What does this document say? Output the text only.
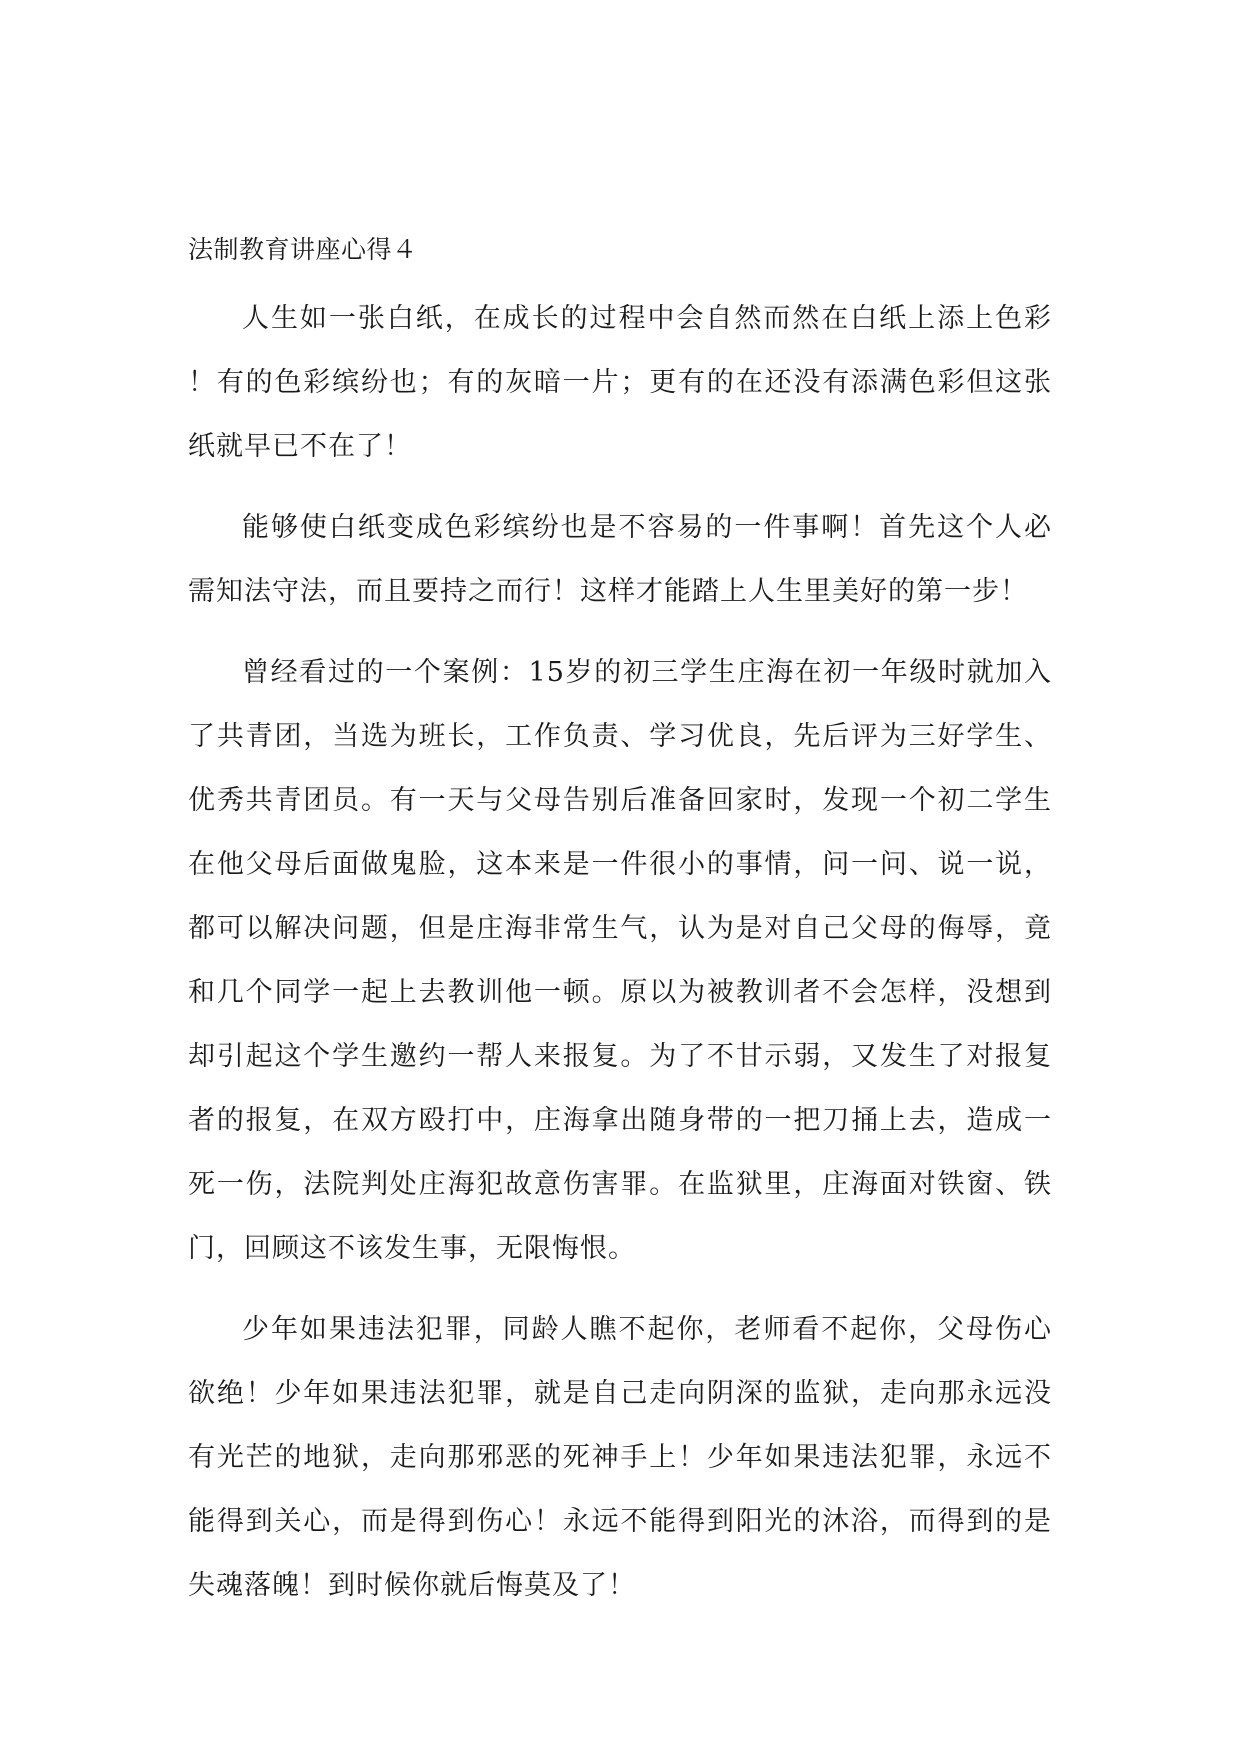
法制教育讲座心得４

人生如一张白纸，在成长的过程中会自然而然在白纸上添上色彩！有的色彩缤纷也；有的灰暗一片；更有的在还没有添满色彩但这张纸就早已不在了！

能够使白纸变成色彩缤纷也是不容易的一件事啊！首先这个人必需知法守法，而且要持之而行！这样才能踏上人生里美好的第一步！

曾经看过的一个案例：15岁的初三学生庄海在初一年级时就加入了共青团，当选为班长，工作负责、学习优良，先后评为三好学生、优秀共青团员。有一天与父母告别后准备回家时，发现一个初二学生在他父母后面做鬼脸，这本来是一件很小的事情，问一问、说一说，都可以解决问题，但是庄海非常生气，认为是对自己父母的侮辱，竟和几个同学一起上去教训他一顿。原以为被教训者不会怎样，没想到却引起这个学生邀约一帮人来报复。为了不甘示弱，又发生了对报复者的报复，在双方殴打中，庄海拿出随身带的一把刀捅上去，造成一死一伤，法院判处庄海犯故意伤害罪。在监狱里，庄海面对铁窗、铁门，回顾这不该发生事，无限悔恨。

少年如果违法犯罪，同龄人瞧不起你，老师看不起你，父母伤心欲绝！少年如果违法犯罪，就是自己走向阴深的监狱，走向那永远没有光芒的地狱，走向那邪恶的死神手上！少年如果违法犯罪，永远不能得到关心，而是得到伤心！永远不能得到阳光的沐浴，而得到的是失魂落魄！到时候你就后悔莫及了！
